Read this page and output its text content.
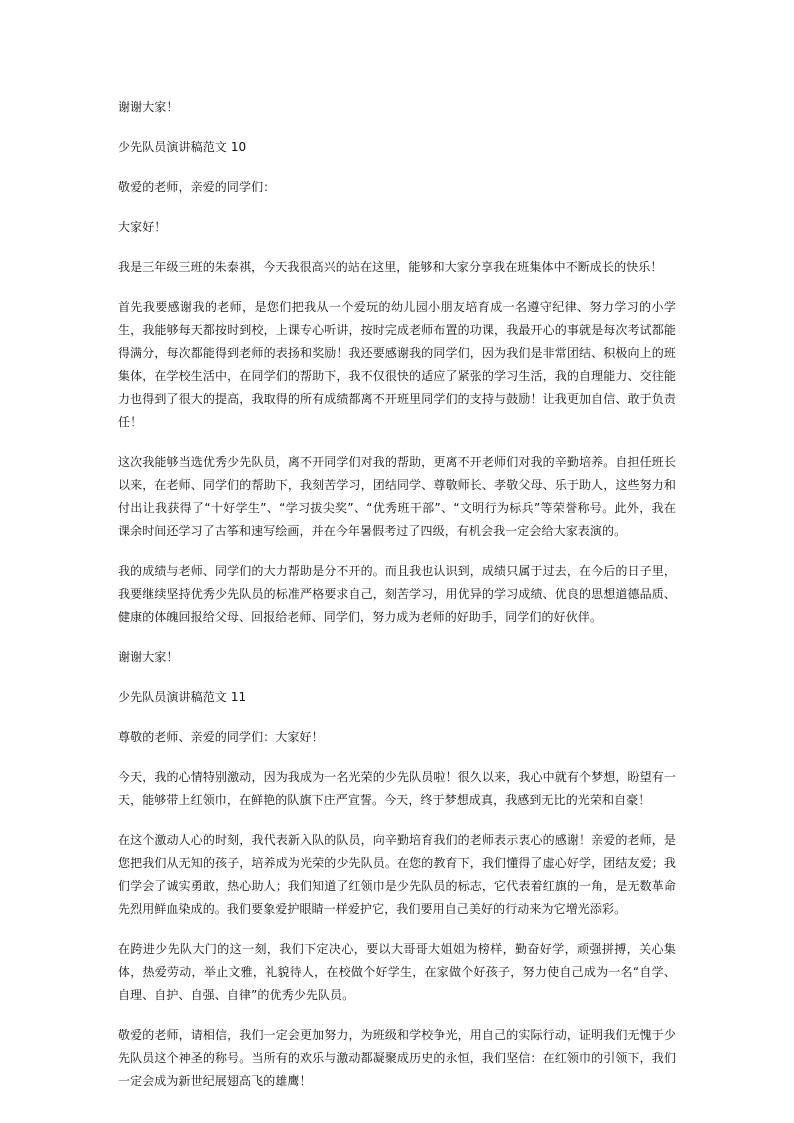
谢谢大家！

少先队员演讲稿范文 10

敬爱的老师，亲爱的同学们：

大家好！

我是三年级三班的朱泰祺，今天我很高兴的站在这里，能够和大家分享我在班集体中不断成长的快乐！

首先我要感谢我的老师，是您们把我从一个爱玩的幼儿园小朋友培育成一名遵守纪律、努力学习的小学生，我能够每天都按时到校，上课专心听讲，按时完成老师布置的功课，我最开心的事就是每次考试都能得满分，每次都能得到老师的表扬和奖励！我还要感谢我的同学们，因为我们是非常团结、积极向上的班集体，在学校生活中，在同学们的帮助下，我不仅很快的适应了紧张的学习生活，我的自理能力、交往能力也得到了很大的提高，我取得的所有成绩都离不开班里同学们的支持与鼓励！让我更加自信、敢于负责任！

这次我能够当选优秀少先队员，离不开同学们对我的帮助，更离不开老师们对我的辛勤培养。自担任班长以来，在老师、同学们的帮助下，我刻苦学习，团结同学、尊敬师长、孝敬父母、乐于助人，这些努力和付出让我获得了“十好学生”、“学习拔尖奖”、“优秀班干部”、“文明行为标兵”等荣誉称号。此外，我在课余时间还学习了古筝和速写绘画，并在今年暑假考过了四级，有机会我一定会给大家表演的。

我的成绩与老师、同学们的大力帮助是分不开的。而且我也认识到，成绩只属于过去，在今后的日子里，我要继续坚持优秀少先队员的标准严格要求自己，刻苦学习，用优异的学习成绩、优良的思想道德品质、健康的体魄回报给父母、回报给老师、同学们，努力成为老师的好助手，同学们的好伙伴。

谢谢大家！

少先队员演讲稿范文 11

尊敬的老师、亲爱的同学们：大家好！

今天，我的心情特别激动，因为我成为一名光荣的少先队员啦！很久以来，我心中就有个梦想，盼望有一天，能够带上红领巾，在鲜艳的队旗下庄严宣誓。今天，终于梦想成真，我感到无比的光荣和自豪！

在这个激动人心的时刻，我代表新入队的队员，向辛勤培育我们的老师表示衷心的感谢！亲爱的老师，是您把我们从无知的孩子，培养成为光荣的少先队员。在您的教育下，我们懂得了虚心好学，团结友爱；我们学会了诚实勇敢，热心助人；我们知道了红领巾是少先队员的标志，它代表着红旗的一角，是无数革命先烈用鲜血染成的。我们要象爱护眼睛一样爱护它，我们要用自己美好的行动来为它增光添彩。

在跨进少先队大门的这一刻，我们下定决心，要以大哥哥大姐姐为榜样，勤奋好学，顽强拼搏，关心集体，热爱劳动，举止文雅，礼貌待人，在校做个好学生，在家做个好孩子，努力使自己成为一名“自学、自理、自护、自强、自律”的优秀少先队员。

敬爱的老师，请相信，我们一定会更加努力，为班级和学校争光，用自己的实际行动，证明我们无愧于少先队员这个神圣的称号。当所有的欢乐与激动都凝聚成历史的永恒，我们坚信：在红领巾的引领下，我们一定会成为新世纪展翅高飞的雄鹰！
